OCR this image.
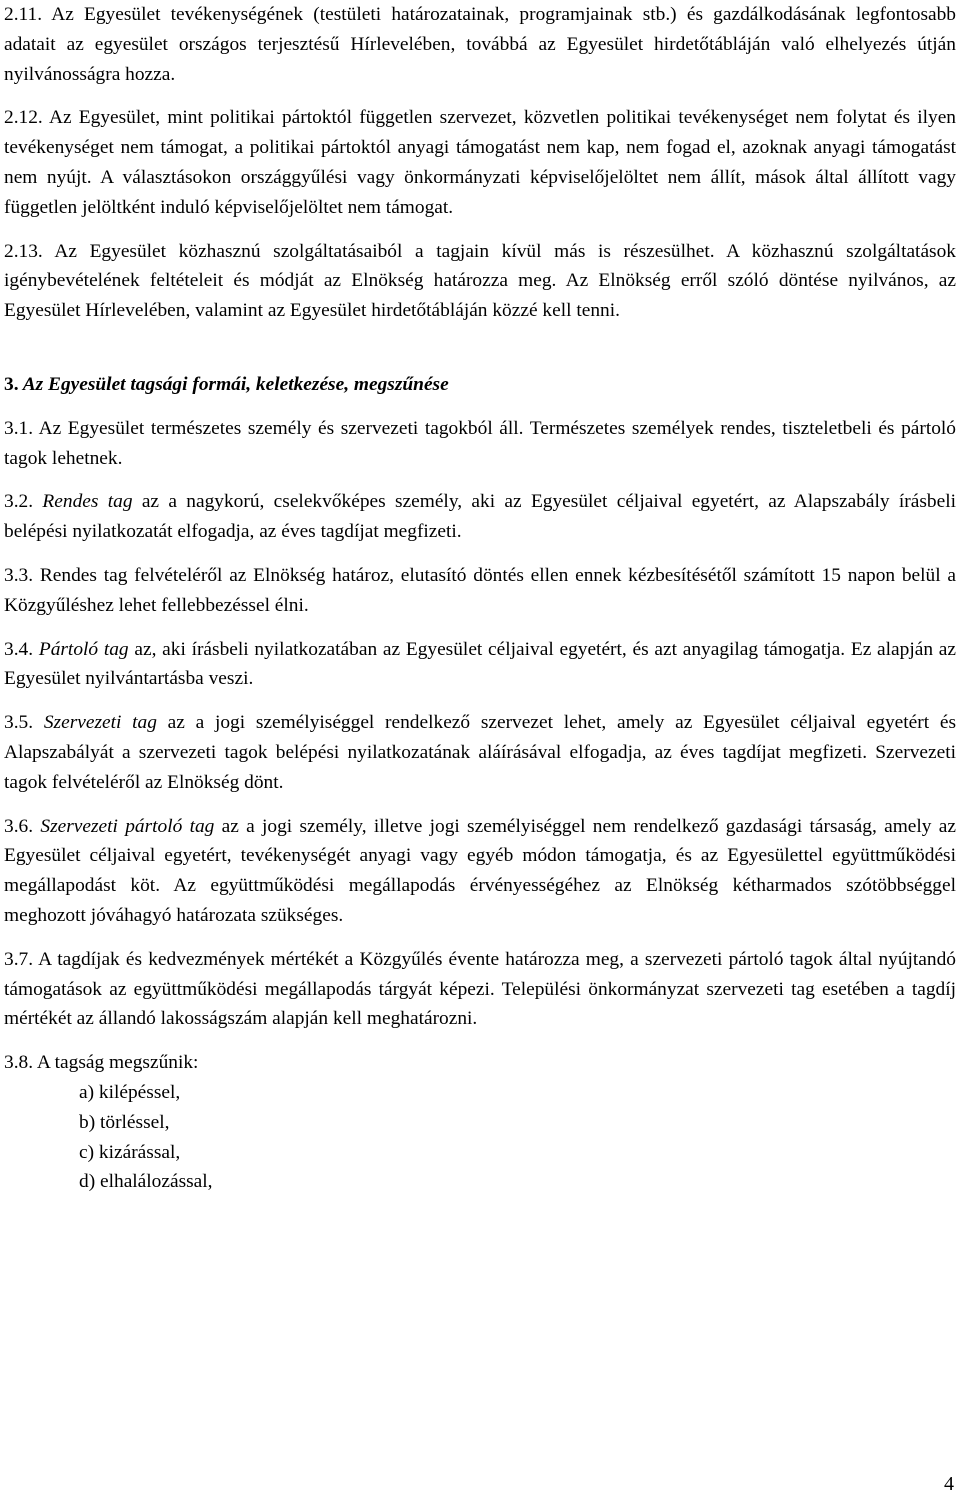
2.11. Az Egyesület tevékenységének (testületi határozatainak, programjainak stb.) és gazdálkodásának legfontosabb adatait az egyesület országos terjesztésű Hírlevelében, továbbá az Egyesület hirdetőtábláján való elhelyezés útján nyilvánosságra hozza.

2.12. Az Egyesület, mint politikai pártoktól független szervezet, közvetlen politikai tevékenységet nem folytat és ilyen tevékenységet nem támogat, a politikai pártoktól anyagi támogatást nem kap, nem fogad el, azoknak anyagi támogatást nem nyújt. A választásokon országgyűlési vagy önkormányzati képviselőjelöltet nem állít, mások által állított vagy független jelöltként induló képviselőjelöltet nem támogat.

2.13. Az Egyesület közhasznú szolgáltatásaiból a tagjain kívül más is részesülhet. A közhasznú szolgáltatások igénybevételének feltételeit és módját az Elnökség határozza meg. Az Elnökség erről szóló döntése nyilvános, az Egyesület Hírlevelében, valamint az Egyesület hirdetőtábláján közzé kell tenni.

3. Az Egyesület tagsági formái, keletkezése, megszűnése

3.1. Az Egyesület természetes személy és szervezeti tagokból áll. Természetes személyek rendes, tiszteletbeli és pártoló tagok lehetnek.

3.2. Rendes tag az a nagykorú, cselekvőképes személy, aki az Egyesület céljaival egyetért, az Alapszabály írásbeli belépési nyilatkozatát elfogadja, az éves tagdíjat megfizeti.

3.3. Rendes tag felvételéről az Elnökség határoz, elutasító döntés ellen ennek kézbesítésétől számított 15 napon belül a Közgyűléshez lehet fellebbezéssel élni.

3.4. Pártoló tag az, aki írásbeli nyilatkozatában az Egyesület céljaival egyetért, és azt anyagilag támogatja. Ez alapján az Egyesület nyilvántartásba veszi.

3.5. Szervezeti tag az a jogi személyiséggel rendelkező szervezet lehet, amely az Egyesület céljaival egyetért és Alapszabályát a szervezeti tagok belépési nyilatkozatának aláírásával elfogadja, az éves tagdíjat megfizeti. Szervezeti tagok felvételéről az Elnökség dönt.

3.6. Szervezeti pártoló tag az a jogi személy, illetve jogi személyiséggel nem rendelkező gazdasági társaság, amely az Egyesület céljaival egyetért, tevékenységét anyagi vagy egyéb módon támogatja, és az Egyesülettel együttműködési megállapodást köt. Az együttműködési megállapodás érvényességéhez az Elnökség kétharmados szótöbbséggel meghozott jóváhagyó határozata szükséges.

3.7. A tagdíjak és kedvezmények mértékét a Közgyűlés évente határozza meg, a szervezeti pártoló tagok által nyújtandó támogatások az együttműködési megállapodás tárgyát képezi. Települési önkormányzat szervezeti tag esetében a tagdíj mértékét az állandó lakosságszám alapján kell meghatározni.

3.8. A tagság megszűnik:

a) kilépéssel,
b) törléssel,
c) kizárással,
d) elhalálozással,
4
